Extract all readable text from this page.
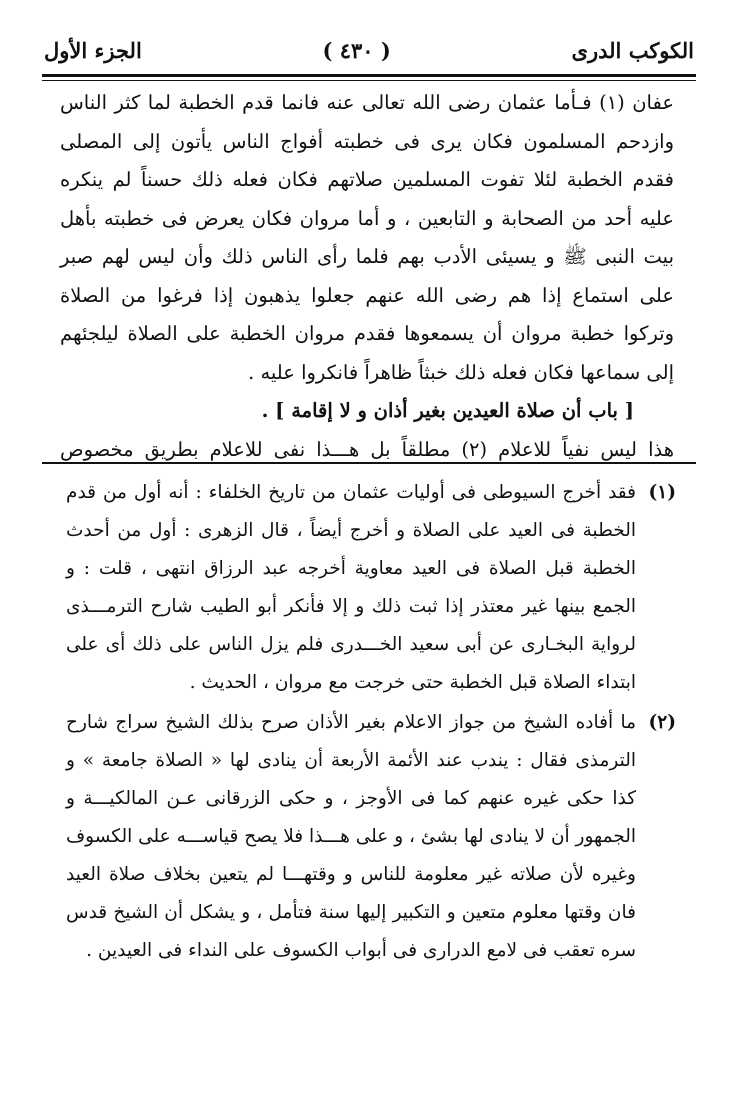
الكوكب الدرى
( ٤٣٠ )
الجزء الأول

عفان (١) فـأما عثمان رضى الله تعالى عنه فانما قدم الخطبة لما كثر الناس وازدحم المسلمون فكان يرى فى خطبته أفواج الناس يأتون إلى المصلى فقدم الخطبة لئلا تفوت المسلمين صلاتهم فكان فعله ذلك حسناً لم ينكره عليه أحد من الصحابة و التابعين ، و أما مروان فكان يعرض فى خطبته بأهل بيت النبى ﷺ و يسيئى الأدب بهم فلما رأى الناس ذلك وأن ليس لهم صبر على استماع إذا هم رضى الله عنهم جعلوا يذهبون إذا فرغوا من الصلاة وتركوا خطبة مروان أن يسمعوها فقدم مروان الخطبة على الصلاة ليلجئهم إلى سماعها فكان فعله ذلك خبثاً ظاهراً فانكروا عليه .

[ باب أن صلاة العيدين بغير أذان و لا إقامة ] .

هذا ليس نفياً للاعلام (٢) مطلقاً بل هـــذا نفى للاعلام بطريق مخصوص

(١)
فقد أخرج السيوطى فى أوليات عثمان من تاريخ الخلفاء : أنه أول من قدم الخطبة فى العيد على الصلاة و أخرج أيضاً ، قال الزهرى : أول من أحدث الخطبة قبل الصلاة فى العيد معاوية أخرجه عبد الرزاق انتهى ، قلت : و الجمع بينها غير معتذر إذا ثبت ذلك و إلا فأنكر أبو الطيب شارح الترمـــذى لرواية البخـارى عن أبى سعيد الخـــدرى فلم يزل الناس على ذلك أى على ابتداء الصلاة قبل الخطبة حتى خرجت مع مروان ، الحديث .
(٢)
ما أفاده الشيخ من جواز الاعلام بغير الأذان صرح بذلك الشيخ سراج شارح الترمذى فقال : يندب عند الأئمة الأربعة أن ينادى لها « الصلاة جامعة » و كذا حكى غيره عنهم كما فى الأوجز ، و حكى الزرقانى عـن المالكيـــة و الجمهور أن لا ينادى لها بشئ ، و على هـــذا فلا يصح قياســـه على الكسوف وغيره لأن صلاته غير معلومة للناس و وقتهـــا لم يتعين بخلاف صلاة العيد فان وقتها معلوم متعين و التكبير إليها سنة فتأمل ، و يشكل أن الشيخ قدس سره تعقب فى لامع الدرارى فى أبواب الكسوف على النداء فى العيدين .
